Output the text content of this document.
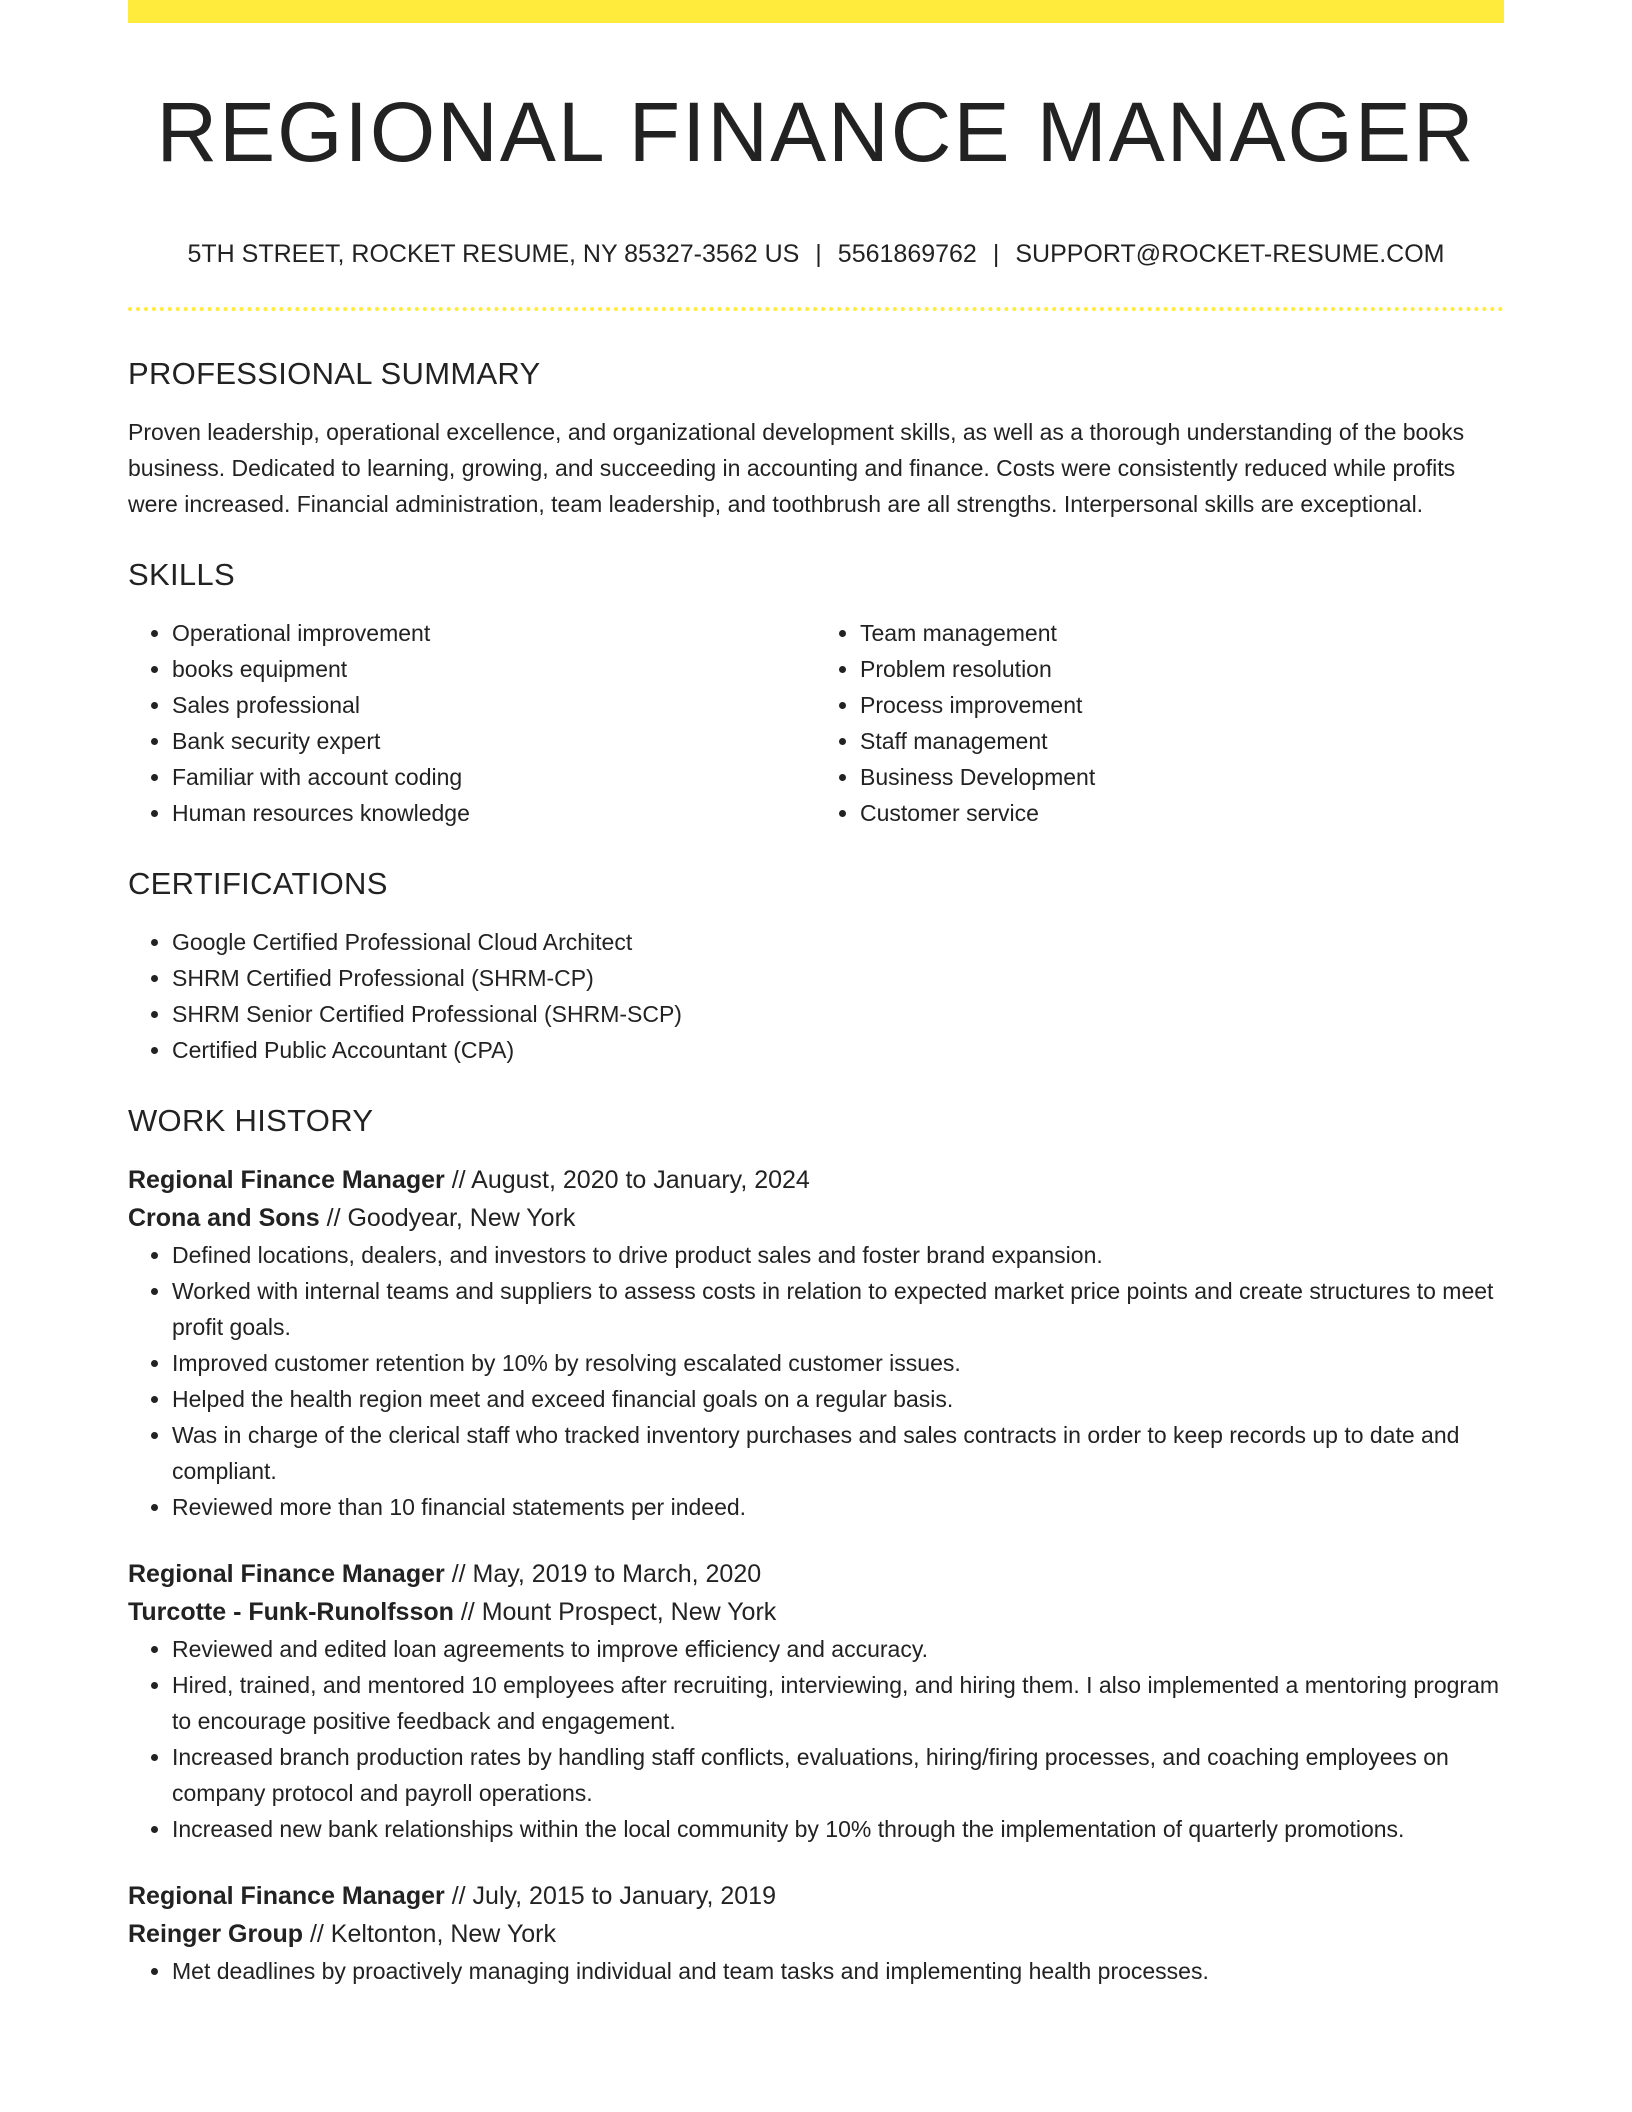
REGIONAL FINANCE MANAGER
5TH STREET, ROCKET RESUME, NY 85327-3562 US | 5561869762 | SUPPORT@ROCKET-RESUME.COM
PROFESSIONAL SUMMARY

Proven leadership, operational excellence, and organizational development skills, as well as a thorough understanding of the books business. Dedicated to learning, growing, and succeeding in accounting and finance. Costs were consistently reduced while profits were increased. Financial administration, team leadership, and toothbrush are all strengths. Interpersonal skills are exceptional.

SKILLS
• Operational improvement
• books equipment
• Sales professional
• Bank security expert
• Familiar with account coding
• Human resources knowledge
• Team management
• Problem resolution
• Process improvement
• Staff management
• Business Development
• Customer service
CERTIFICATIONS
• Google Certified Professional Cloud Architect
• SHRM Certified Professional (SHRM-CP)
• SHRM Senior Certified Professional (SHRM-SCP)
• Certified Public Accountant (CPA)
WORK HISTORY

Regional Finance Manager // August, 2020 to January, 2024

Crona and Sons // Goodyear, New York

• Defined locations, dealers, and investors to drive product sales and foster brand expansion.
• Worked with internal teams and suppliers to assess costs in relation to expected market price points and create structures to meet profit goals.
• Improved customer retention by 10% by resolving escalated customer issues.
• Helped the health region meet and exceed financial goals on a regular basis.
• Was in charge of the clerical staff who tracked inventory purchases and sales contracts in order to keep records up to date and compliant.
• Reviewed more than 10 financial statements per indeed.

Regional Finance Manager // May, 2019 to March, 2020

Turcotte - Funk-Runolfsson // Mount Prospect, New York

• Reviewed and edited loan agreements to improve efficiency and accuracy.
• Hired, trained, and mentored 10 employees after recruiting, interviewing, and hiring them. I also implemented a mentoring program to encourage positive feedback and engagement.
• Increased branch production rates by handling staff conflicts, evaluations, hiring/firing processes, and coaching employees on company protocol and payroll operations.
• Increased new bank relationships within the local community by 10% through the implementation of quarterly promotions.

Regional Finance Manager // July, 2015 to January, 2019

Reinger Group // Keltonton, New York

• Met deadlines by proactively managing individual and team tasks and implementing health processes.
